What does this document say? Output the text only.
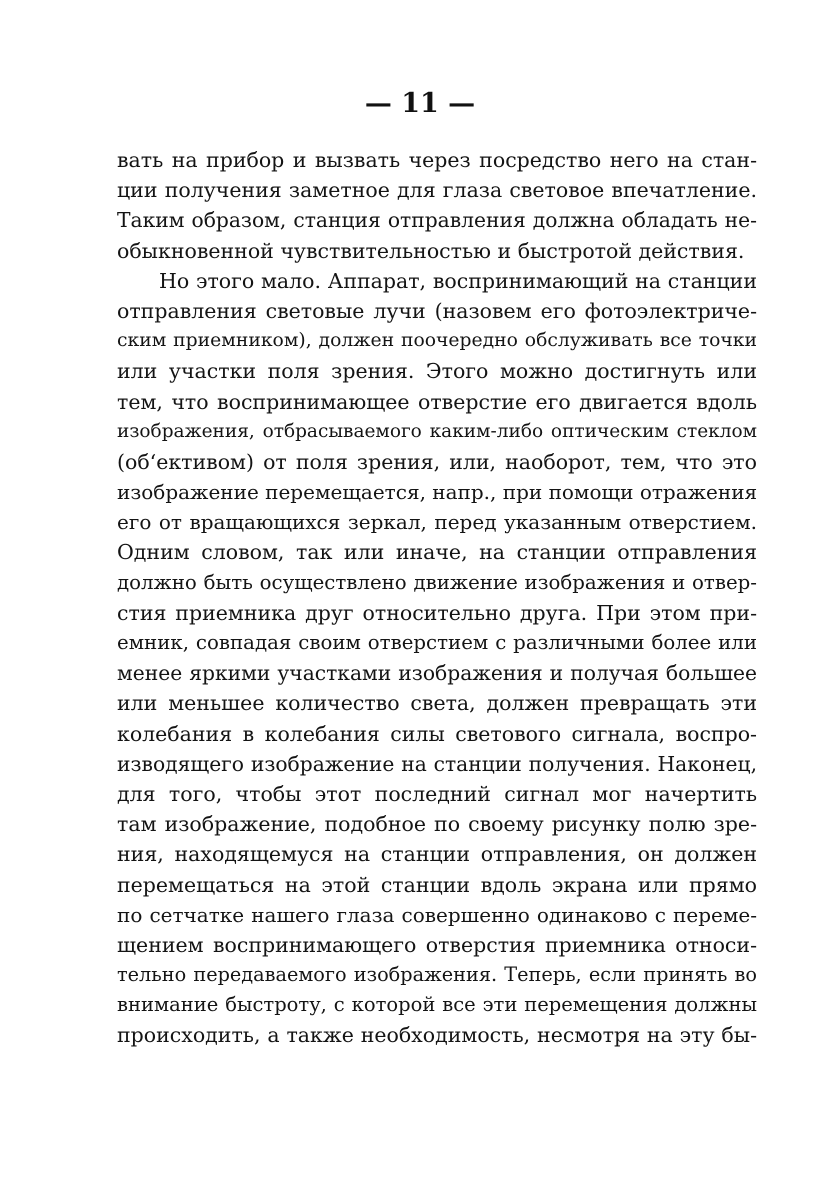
— 11 —
вать на прибор и вызвать через посредство него на стан-
ции получения заметное для глаза световое впечатление.
Таким образом, станция отправления должна обладать не-
обыкновенной чувствительностью и быстротой действия.
Но этого мало. Аппарат, воспринимающий на станции
отправления световые лучи (назовем его фотоэлектриче-
ским приемником), должен поочередно обслуживать все точки
или участки поля зрения. Этого можно достигнуть или
тем, что воспринимающее отверстие его двигается вдоль
изображения, отбрасываемого каким-либо оптическим стеклом
(об‘ективом) от поля зрения, или, наоборот, тем, что это
изображение перемещается, напр., при помощи отражения
его от вращающихся зеркал, перед указанным отверстием.
Одним словом, так или иначе, на станции отправления
должно быть осуществлено движение изображения и отвер-
стия приемника друг относительно друга. При этом при-
емник, совпадая своим отверстием с различными более или
менее яркими участками изображения и получая большее
или меньшее количество света, должен превращать эти
колебания в колебания силы светового сигнала, воспро-
изводящего изображение на станции получения. Наконец,
для того, чтобы этот последний сигнал мог начертить
там изображение, подобное по своему рисунку полю зре-
ния, находящемуся на станции отправления, он должен
перемещаться на этой станции вдоль экрана или прямо
по сетчатке нашего глаза совершенно одинаково с переме-
щением воспринимающего отверстия приемника относи-
тельно передаваемого изображения. Теперь, если принять во
внимание быстроту, с которой все эти перемещения должны
происходить, а также необходимость, несмотря на эту бы-
